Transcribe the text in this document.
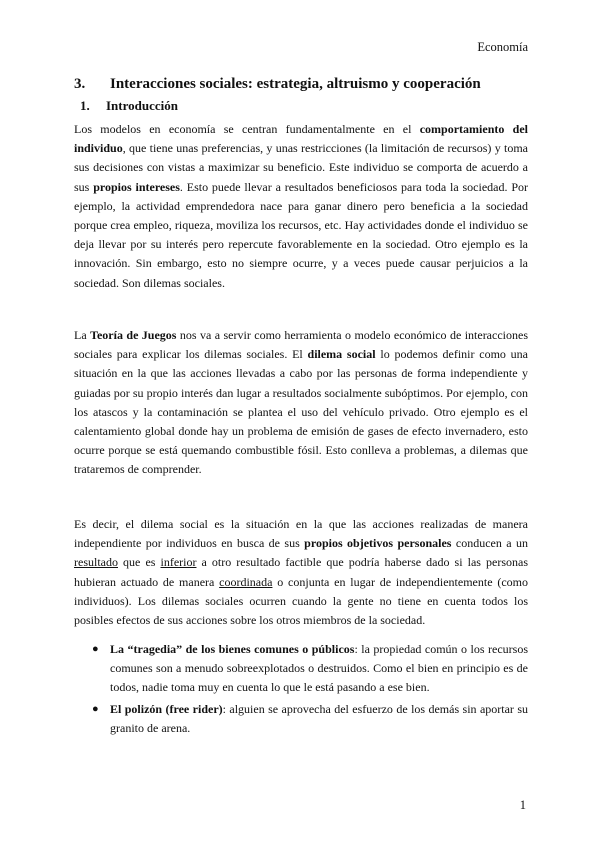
Economía
3. Interacciones sociales: estrategia, altruismo y cooperación
1. Introducción

Los modelos en economía se centran fundamentalmente en el comportamiento del individuo, que tiene unas preferencias, y unas restricciones (la limitación de recursos) y toma sus decisiones con vistas a maximizar su beneficio. Este individuo se comporta de acuerdo a sus propios intereses. Esto puede llevar a resultados beneficiosos para toda la sociedad. Por ejemplo, la actividad emprendedora nace para ganar dinero pero beneficia a la sociedad porque crea empleo, riqueza, moviliza los recursos, etc. Hay actividades donde el individuo se deja llevar por su interés pero repercute favorablemente en la sociedad. Otro ejemplo es la innovación. Sin embargo, esto no siempre ocurre, y a veces puede causar perjuicios a la sociedad. Son dilemas sociales.

La Teoría de Juegos nos va a servir como herramienta o modelo económico de interacciones sociales para explicar los dilemas sociales. El dilema social lo podemos definir como una situación en la que las acciones llevadas a cabo por las personas de forma independiente y guiadas por su propio interés dan lugar a resultados socialmente subóptimos. Por ejemplo, con los atascos y la contaminación se plantea el uso del vehículo privado. Otro ejemplo es el calentamiento global donde hay un problema de emisión de gases de efecto invernadero, esto ocurre porque se está quemando combustible fósil. Esto conlleva a problemas, a dilemas que trataremos de comprender.

Es decir, el dilema social es la situación en la que las acciones realizadas de manera independiente por individuos en busca de sus propios objetivos personales conducen a un resultado que es inferior a otro resultado factible que podría haberse dado si las personas hubieran actuado de manera coordinada o conjunta en lugar de independientemente (como individuos). Los dilemas sociales ocurren cuando la gente no tiene en cuenta todos los posibles efectos de sus acciones sobre los otros miembros de la sociedad.

● La “tragedia” de los bienes comunes o públicos: la propiedad común o los recursos comunes son a menudo sobreexplotados o destruidos. Como el bien en principio es de todos, nadie toma muy en cuenta lo que le está pasando a ese bien.
● El polizón (free rider): alguien se aprovecha del esfuerzo de los demás sin aportar su granito de arena.
1
